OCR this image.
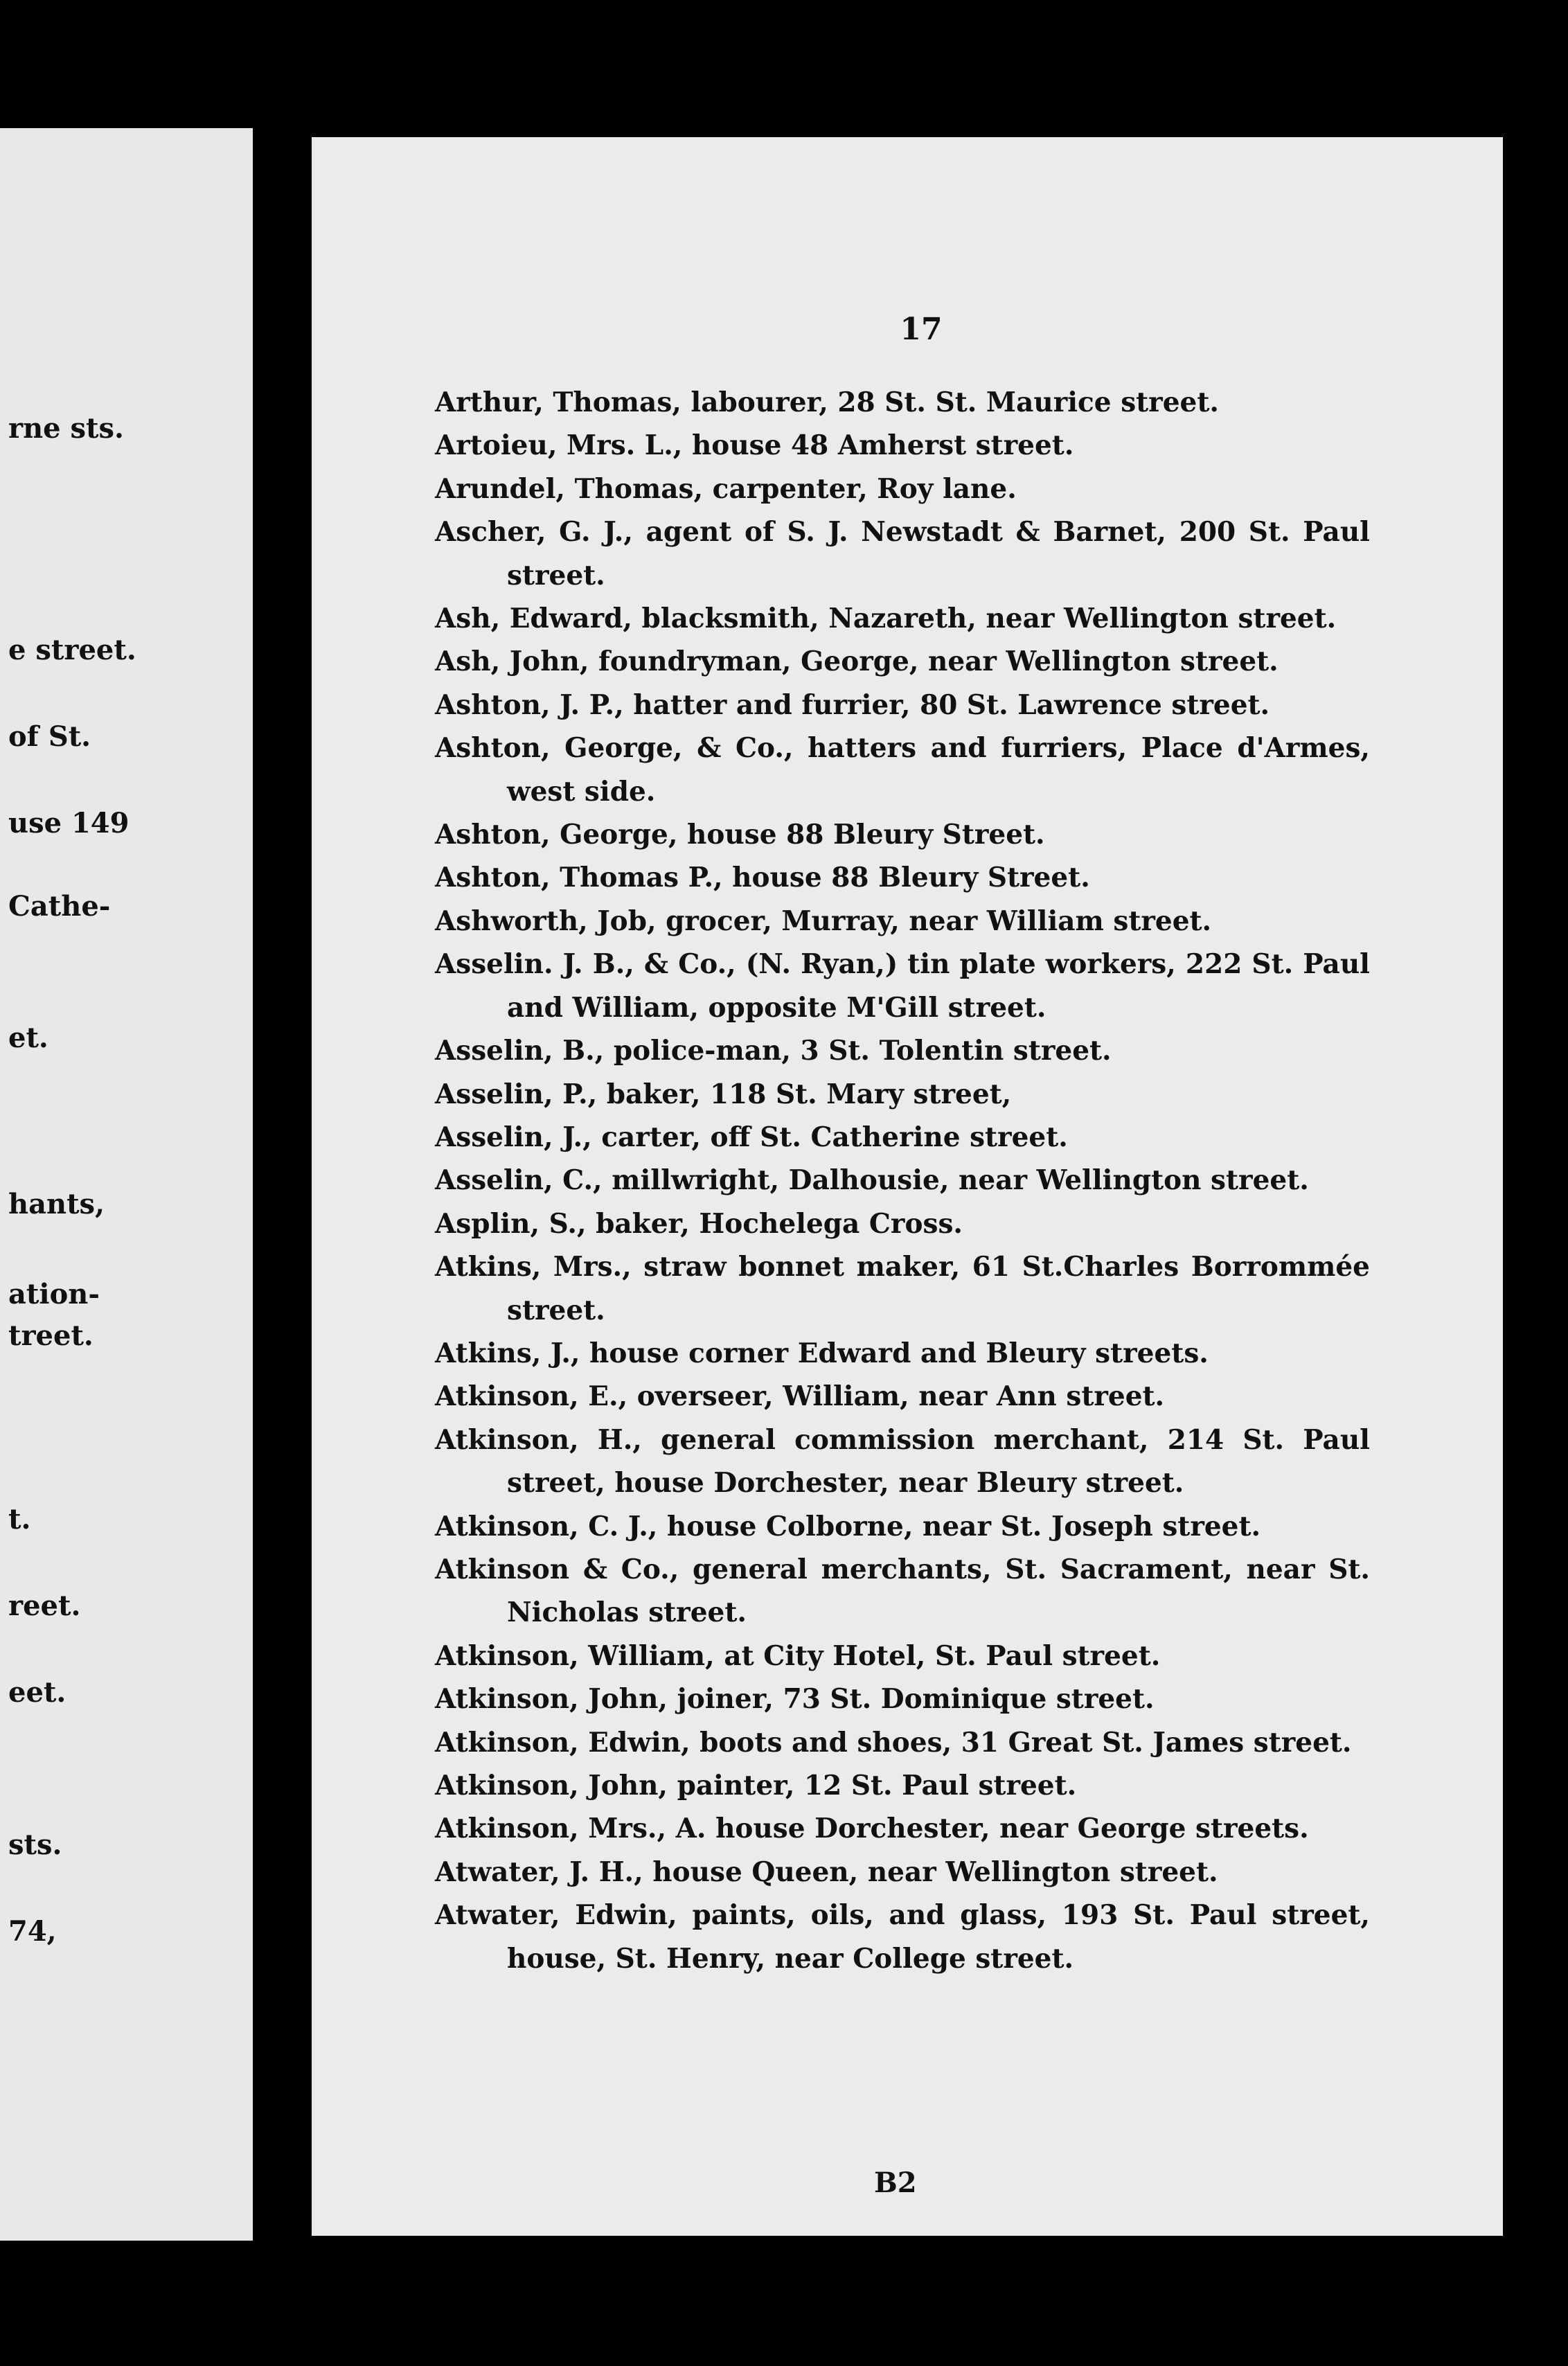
rne sts.
e street.
of St.
use 149
Cathe-
et.
hants,
ation-
treet.
t.
reet.
eet.
sts.
74,
17
Arthur, Thomas, labourer, 28 St. St. Maurice street.
Artoieu, Mrs. L., house 48 Amherst street.
Arundel, Thomas, carpenter, Roy lane.
Ascher, G. J., agent of S. J. Newstadt & Barnet, 200 St. Paul street.
Ash, Edward, blacksmith, Nazareth, near Wellington street.
Ash, John, foundryman, George, near Wellington street.
Ashton, J. P., hatter and furrier, 80 St. Lawrence street.
Ashton, George, & Co., hatters and furriers, Place d'Armes, west side.
Ashton, George, house 88 Bleury Street.
Ashton, Thomas P., house 88 Bleury Street.
Ashworth, Job, grocer, Murray, near William street.
Asselin. J. B., & Co., (N. Ryan,) tin plate workers, 222 St. Paul and William, opposite M'Gill street.
Asselin, B., police-man, 3 St. Tolentin street.
Asselin, P., baker, 118 St. Mary street,
Asselin, J., carter, off St. Catherine street.
Asselin, C., millwright, Dalhousie, near Wellington street.
Asplin, S., baker, Hochelega Cross.
Atkins, Mrs., straw bonnet maker, 61 St.Charles Borrommée street.
Atkins, J., house corner Edward and Bleury streets.
Atkinson, E., overseer, William, near Ann street.
Atkinson, H., general commission merchant, 214 St. Paul street, house Dorchester, near Bleury street.
Atkinson, C. J., house Colborne, near St. Joseph street.
Atkinson & Co., general merchants, St. Sacrament, near St. Nicholas street.
Atkinson, William, at City Hotel, St. Paul street.
Atkinson, John, joiner, 73 St. Dominique street.
Atkinson, Edwin, boots and shoes, 31 Great St. James street.
Atkinson, John, painter, 12 St. Paul street.
Atkinson, Mrs., A. house Dorchester, near George streets.
Atwater, J. H., house Queen, near Wellington street.
Atwater, Edwin, paints, oils, and glass, 193 St. Paul street, house, St. Henry, near College street.
B2
